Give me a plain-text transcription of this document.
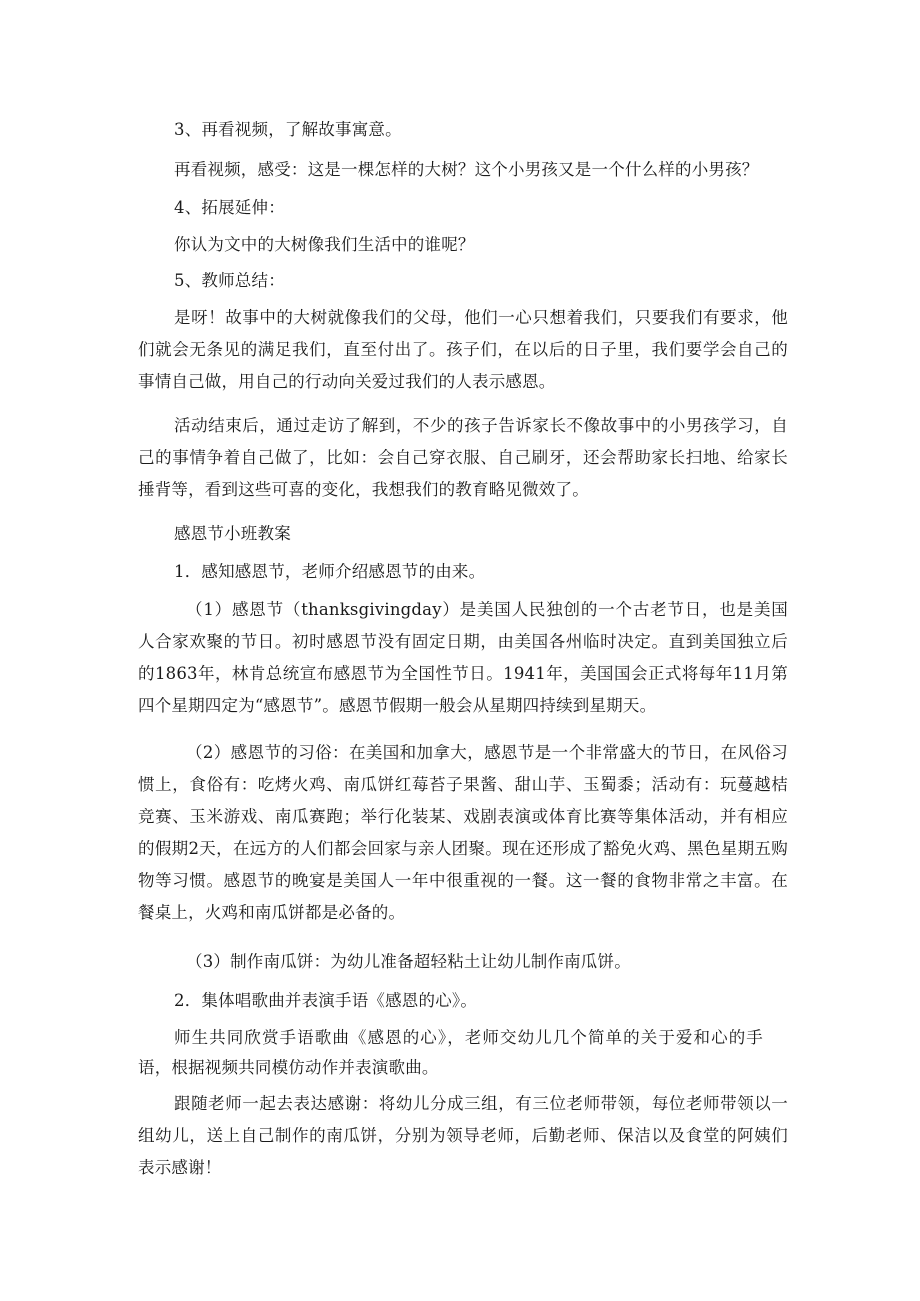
3、再看视频，了解故事寓意。

再看视频，感受：这是一棵怎样的大树？这个小男孩又是一个什么样的小男孩？

4、拓展延伸：

你认为文中的大树像我们生活中的谁呢？

5、教师总结：

是呀！故事中的大树就像我们的父母，他们一心只想着我们，只要我们有要求，他们就会无条见的满足我们，直至付出了。孩子们，在以后的日子里，我们要学会自己的事情自己做，用自己的行动向关爱过我们的人表示感恩。

活动结束后，通过走访了解到，不少的孩子告诉家长不像故事中的小男孩学习，自己的事情争着自己做了，比如：会自己穿衣服、自己刷牙，还会帮助家长扫地、给家长捶背等，看到这些可喜的变化，我想我们的教育略见微效了。

感恩节小班教案

1．感知感恩节，老师介绍感恩节的由来。

（1）感恩节（thanksgivingday）是美国人民独创的一个古老节日，也是美国人合家欢聚的节日。初时感恩节没有固定日期，由美国各州临时决定。直到美国独立后的1863年，林肯总统宣布感恩节为全国性节日。1941年，美国国会正式将每年11月第四个星期四定为“感恩节”。感恩节假期一般会从星期四持续到星期天。

（2）感恩节的习俗：在美国和加拿大，感恩节是一个非常盛大的节日，在风俗习惯上，食俗有：吃烤火鸡、南瓜饼红莓苔子果酱、甜山芋、玉蜀黍；活动有：玩蔓越桔竞赛、玉米游戏、南瓜赛跑；举行化装某、戏剧表演或体育比赛等集体活动，并有相应的假期2天，在远方的人们都会回家与亲人团聚。现在还形成了豁免火鸡、黑色星期五购物等习惯。感恩节的晚宴是美国人一年中很重视的一餐。这一餐的食物非常之丰富。在餐桌上，火鸡和南瓜饼都是必备的。

（3）制作南瓜饼：为幼儿准备超轻粘土让幼儿制作南瓜饼。

2．集体唱歌曲并表演手语《感恩的心》。

师生共同欣赏手语歌曲《感恩的心》，老师交幼儿几个简单的关于爱和心的手语，根据视频共同模仿动作并表演歌曲。

跟随老师一起去表达感谢：将幼儿分成三组，有三位老师带领，每位老师带领以一组幼儿，送上自己制作的南瓜饼，分别为领导老师，后勤老师、保洁以及食堂的阿姨们表示感谢！
